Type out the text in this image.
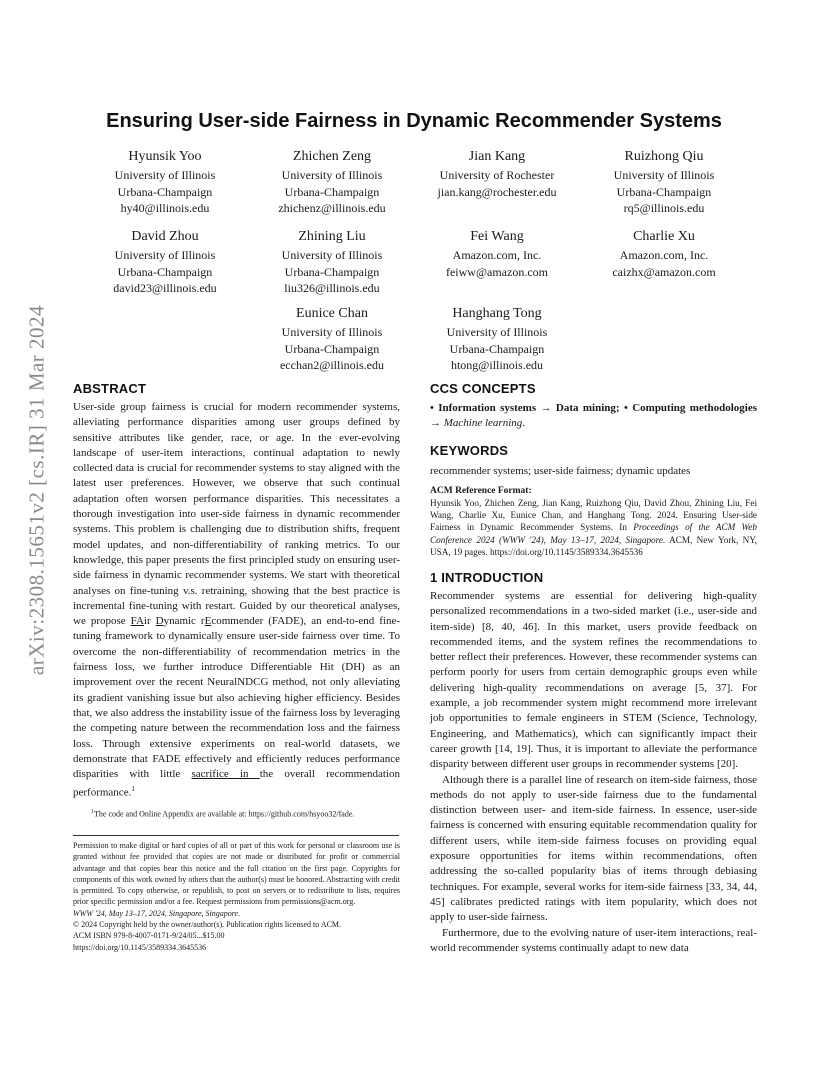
arXiv:2308.15651v2 [cs.IR] 31 Mar 2024
Ensuring User-side Fairness in Dynamic Recommender Systems
Hyunsik Yoo
University of Illinois
Urbana-Champaign
hy40@illinois.edu
Zhichen Zeng
University of Illinois
Urbana-Champaign
zhichenz@illinois.edu
Jian Kang
University of Rochester
jian.kang@rochester.edu
Ruizhong Qiu
University of Illinois
Urbana-Champaign
rq5@illinois.edu
David Zhou
University of Illinois
Urbana-Champaign
david23@illinois.edu
Zhining Liu
University of Illinois
Urbana-Champaign
liu326@illinois.edu
Fei Wang
Amazon.com, Inc.
feiww@amazon.com
Charlie Xu
Amazon.com, Inc.
caizhx@amazon.com
Eunice Chan
University of Illinois
Urbana-Champaign
ecchan2@illinois.edu
Hanghang Tong
University of Illinois
Urbana-Champaign
htong@illinois.edu
ABSTRACT
User-side group fairness is crucial for modern recommender systems, alleviating performance disparities among user groups defined by sensitive attributes like gender, race, or age. In the ever-evolving landscape of user-item interactions, continual adaptation to newly collected data is crucial for recommender systems to stay aligned with the latest user preferences. However, we observe that such continual adaptation often worsen performance disparities. This necessitates a thorough investigation into user-side fairness in dynamic recommender systems. This problem is challenging due to distribution shifts, frequent model updates, and non-differentiability of ranking metrics. To our knowledge, this paper presents the first principled study on ensuring user-side fairness in dynamic recommender systems. We start with theoretical analyses on fine-tuning v.s. retraining, showing that the best practice is incremental fine-tuning with restart. Guided by our theoretical analyses, we propose FAir Dynamic rEcommender (FADE), an end-to-end fine-tuning framework to dynamically ensure user-side fairness over time. To overcome the non-differentiability of recommendation metrics in the fairness loss, we further introduce Differentiable Hit (DH) as an improvement over the recent NeuralNDCG method, not only alleviating its gradient vanishing issue but also achieving higher efficiency. Besides that, we also address the instability issue of the fairness loss by leveraging the competing nature between the recommendation loss and the fairness loss. Through extensive experiments on real-world datasets, we demonstrate that FADE effectively and efficiently reduces performance disparities with little sacrifice in the overall recommendation performance.$^1$
$^1$The code and Online Appendix are available at: https://github.com/hsyoo32/fade.
Permission to make digital or hard copies of all or part of this work for personal or classroom use is granted without fee provided that copies are not made or distributed for profit or commercial advantage and that copies bear this notice and the full citation on the first page. Copyrights for components of this work owned by others than the author(s) must be honored. Abstracting with credit is permitted. To copy otherwise, or republish, to post on servers or to redistribute to lists, requires prior specific permission and/or a fee. Request permissions from permissions@acm.org.
WWW '24, May 13–17, 2024, Singapore, Singapore.
© 2024 Copyright held by the owner/author(s). Publication rights licensed to ACM.
ACM ISBN 979-8-4007-0171-9/24/05...$15.00
https://doi.org/10.1145/3589334.3645536
CCS CONCEPTS
• Information systems → Data mining; • Computing methodologies → Machine learning.
KEYWORDS
recommender systems; user-side fairness; dynamic updates
ACM Reference Format:
Hyunsik Yoo, Zhichen Zeng, Jian Kang, Ruizhong Qiu, David Zhou, Zhining Liu, Fei Wang, Charlie Xu, Eunice Chan, and Hanghang Tong. 2024. Ensuring User-side Fairness in Dynamic Recommender Systems. In Proceedings of the ACM Web Conference 2024 (WWW '24), May 13–17, 2024, Singapore. ACM, New York, NY, USA, 19 pages. https://doi.org/10.1145/3589334.3645536
1 INTRODUCTION
Recommender systems are essential for delivering high-quality personalized recommendations in a two-sided market (i.e., user-side and item-side) [8, 40, 46]. In this market, users provide feedback on recommended items, and the system refines the recommendations to better reflect their preferences. However, these recommender systems can perform poorly for users from certain demographic groups even while delivering high-quality recommendations on average [5, 37]. For example, a job recommender system might recommend more irrelevant job opportunities to female engineers in STEM (Science, Technology, Engineering, and Mathematics), which can significantly impact their career growth [14, 19]. Thus, it is important to alleviate the performance disparity between different user groups in recommender systems [20].
Although there is a parallel line of research on item-side fairness, those methods do not apply to user-side fairness due to the fundamental distinction between user- and item-side fairness. In essence, user-side fairness is concerned with ensuring equitable recommendation quality for different users, while item-side fairness focuses on providing equal exposure opportunities for items within recommendations, often addressing the so-called popularity bias of items through debiasing techniques. For example, several works for item-side fairness [33, 34, 44, 45] calibrates predicted ratings with item popularity, which does not apply to user-side fairness.
Furthermore, due to the evolving nature of user-item interactions, real-world recommender systems continually adapt to new data
